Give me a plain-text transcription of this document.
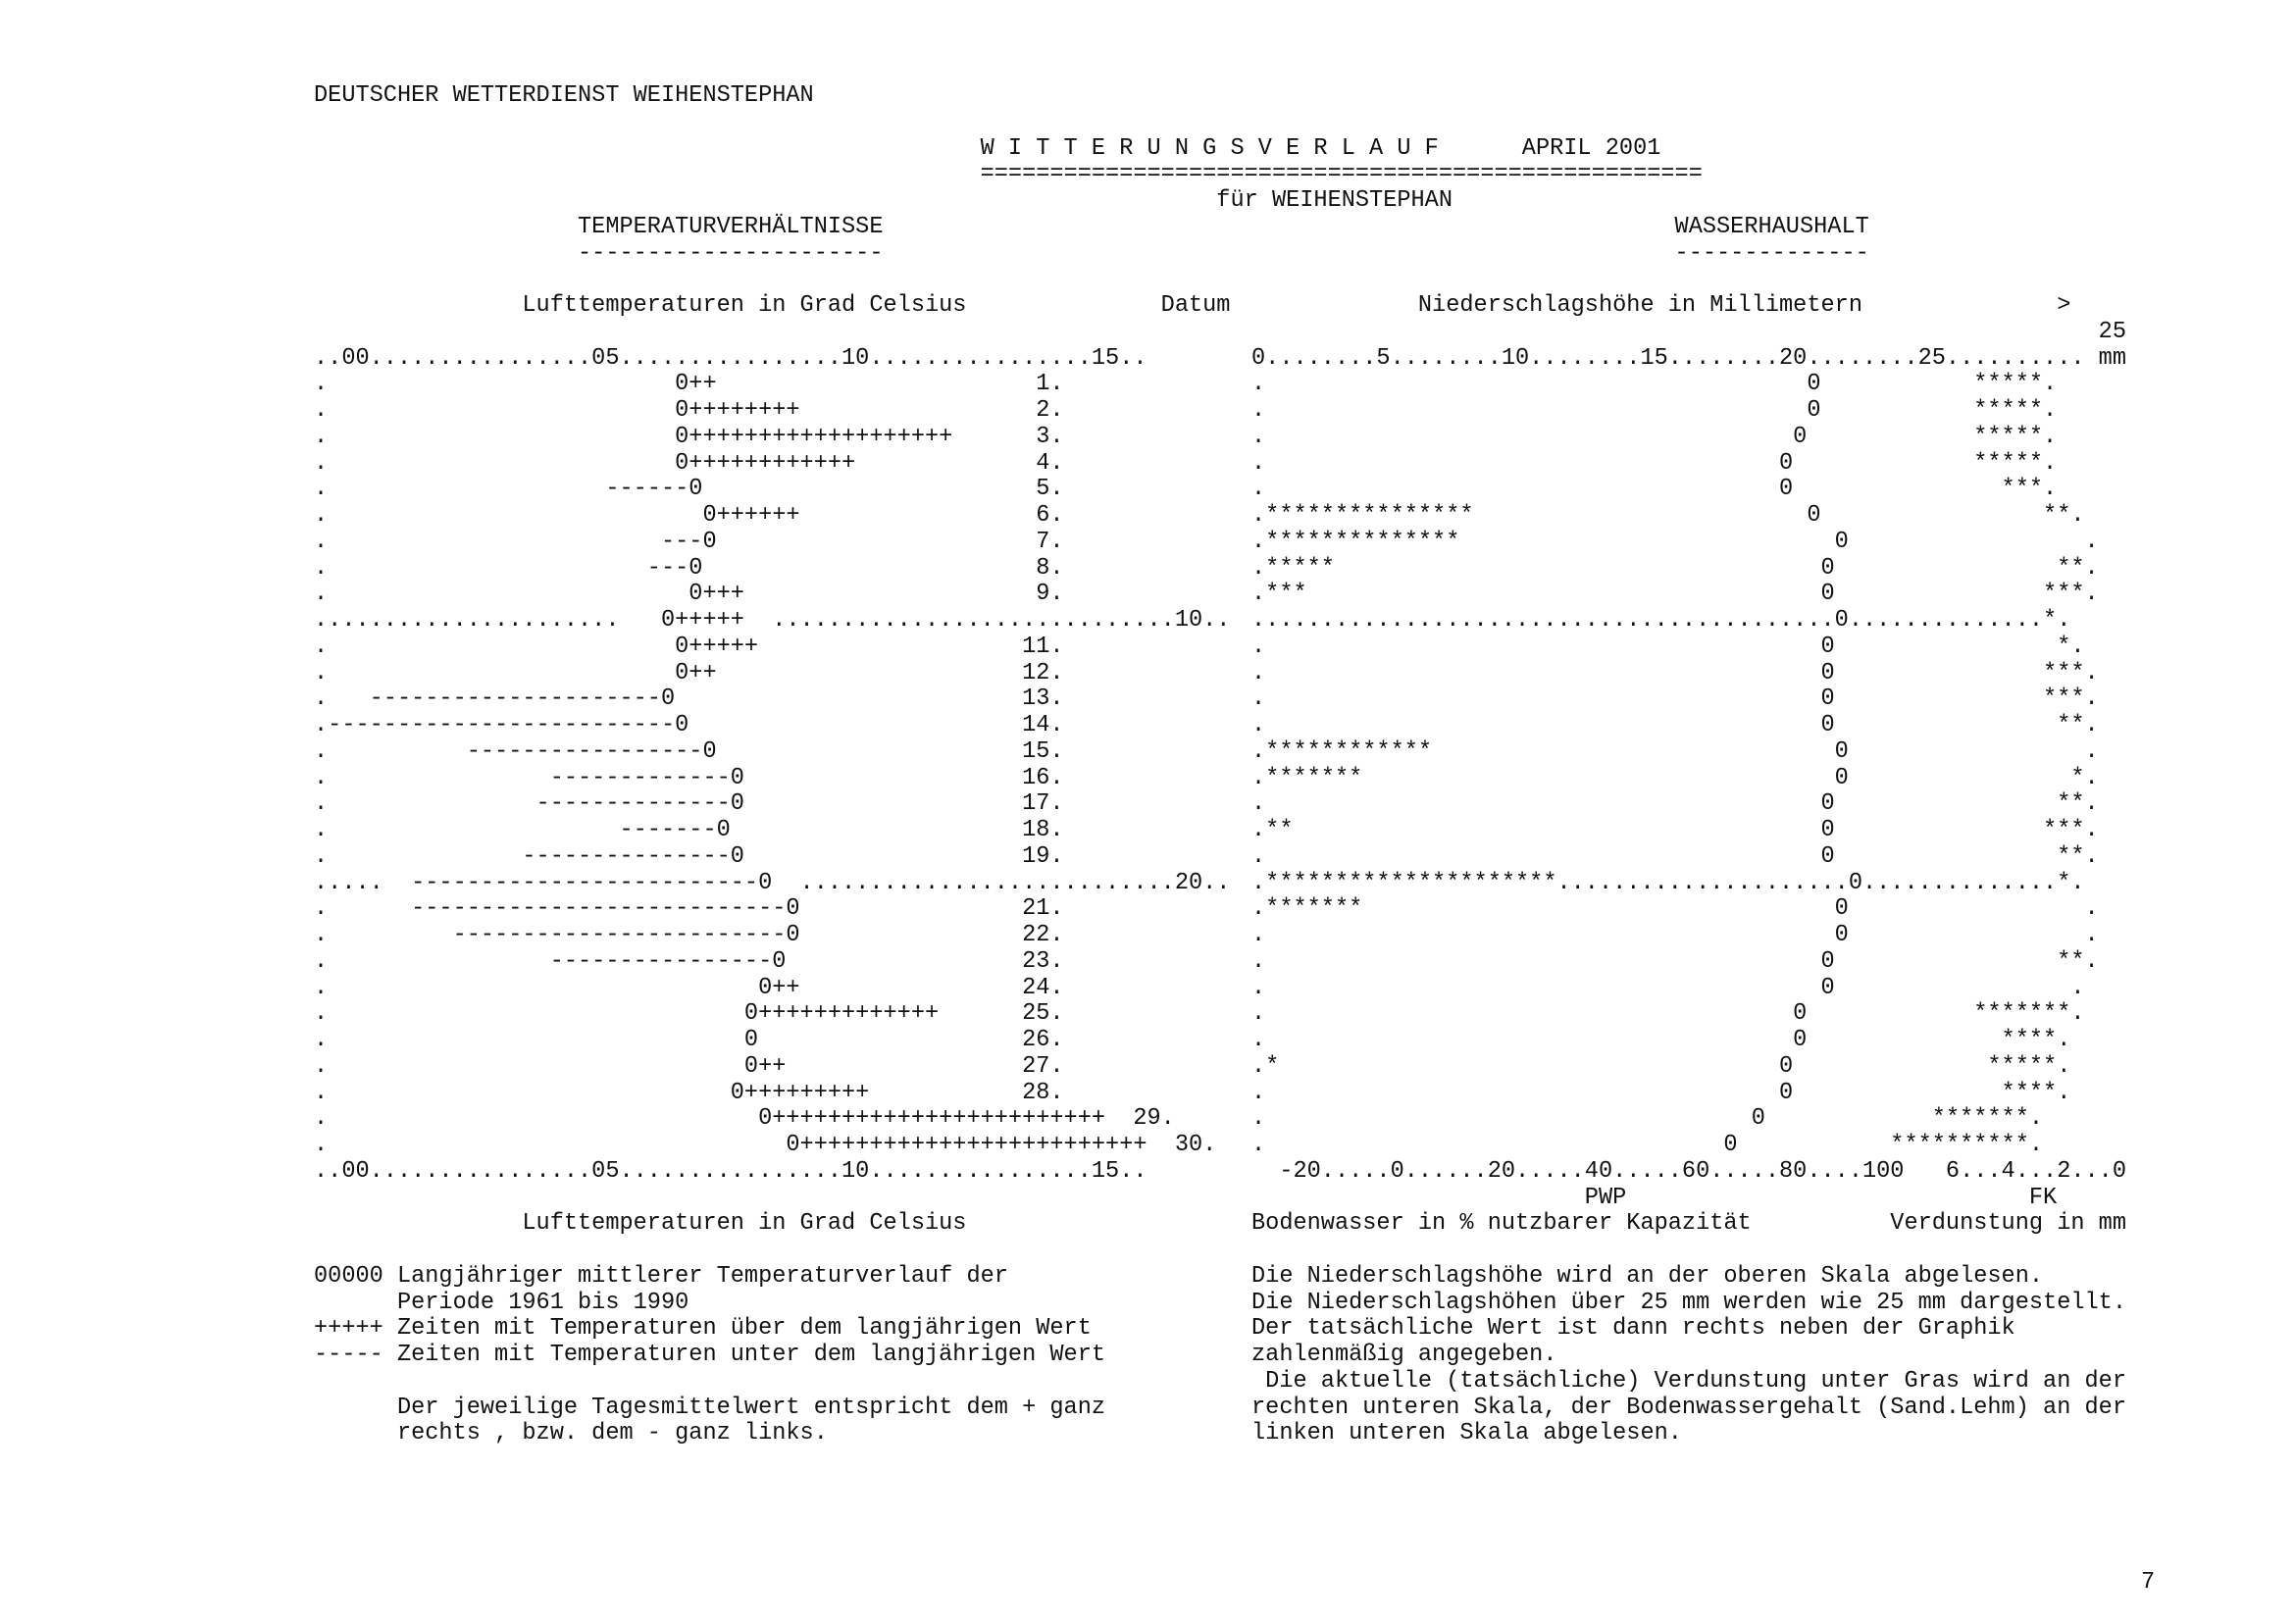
DEUTSCHER WETTERDIENST WEIHENSTEPHAN
W I T T E R U N G S V E R L A U F      APRIL 2001
====================================================
für WEIHENSTEPHAN
TEMPERATURVERHÄLTNISSE                                                         WASSERHAUSHALT
----------------------                                                         --------------
Lufttemperaturen in Grad Celsius              Datum Niederschlagshöhe in Millimetern              >
25
..00................05................10................15..	0........5........10........15........20........25.......... mm
.                         0++                       1.	.                                       0           *****.
.                         0++++++++                 2.	.                                       0           *****.
.                         0+++++++++++++++++++      3.	.                                      0            *****.
.                         0++++++++++++             4.	.                                     0             *****.
.                    ------0                        5.	.                                     0               ***.
.                           0++++++                 6.	.***************                        0                **.
.                        ---0                       7.	.**************                           0                 .
.                       ---0                        8.	.*****                                   0                **.
.                          0+++                     9.	.***                                     0               ***.
......................   0+++++  .............................10.. ..........................................0..............*.
.                         0+++++                   11.	.                                        0                *.
.                         0++                      12.	.                                        0               ***.
.   ---------------------0                         13.	.                                        0               ***.
.-------------------------0                        14.	.                                        0                **.
.          -----------------0                      15.	.************                             0                 .
.                -------------0                    16.	.*******                                  0                *.
.               --------------0                    17.	.                                        0                **.
.                     -------0                     18.	.**                                      0               ***.
.              ---------------0                    19.	.                                        0                **.
.....  -------------------------0  ...........................20.. .*********************.....................0..............*.
.      ---------------------------0                21.	.*******                                  0                 .
.         ------------------------0                22.	.                                         0                 .
.                ----------------0                 23.	.                                        0                **.
.                               0++                24.	.                                        0                 .
.                              0+++++++++++++      25.	.                                      0            *******.
.                              0                   26.	.                                      0              ****.
.                              0++                 27.	.*                                    0              *****.
.                             0+++++++++           28.	.                                     0               ****.
.                               0++++++++++++++++++++++++  29.	.                                   0            *******.
.                                 0+++++++++++++++++++++++++  30. .                                 0           **********.
..00................05................10................15..	-20.....0......20.....40.....60.....80....100   6...4...2...0
PWP                             FK
Lufttemperaturen in Grad Celsius	Bodenwasser in % nutzbarer Kapazität          Verdunstung in mm
00000 Langjähriger mittlerer Temperaturverlauf der	Die Niederschlagshöhe wird an der oberen Skala abgelesen.
Periode 1961 bis 1990	Die Niederschlagshöhen über 25 mm werden wie 25 mm dargestellt.
+++++ Zeiten mit Temperaturen über dem langjährigen Wert	Der tatsächliche Wert ist dann rechts neben der Graphik
----- Zeiten mit Temperaturen unter dem langjährigen Wert	zahlenmäßig angegeben.
Die aktuelle (tatsächliche) Verdunstung unter Gras wird an der
Der jeweilige Tagesmittelwert entspricht dem + ganz	rechten unteren Skala, der Bodenwassergehalt (Sand.Lehm) an der
rechts , bzw. dem - ganz links.	linken unteren Skala abgelesen.
7
